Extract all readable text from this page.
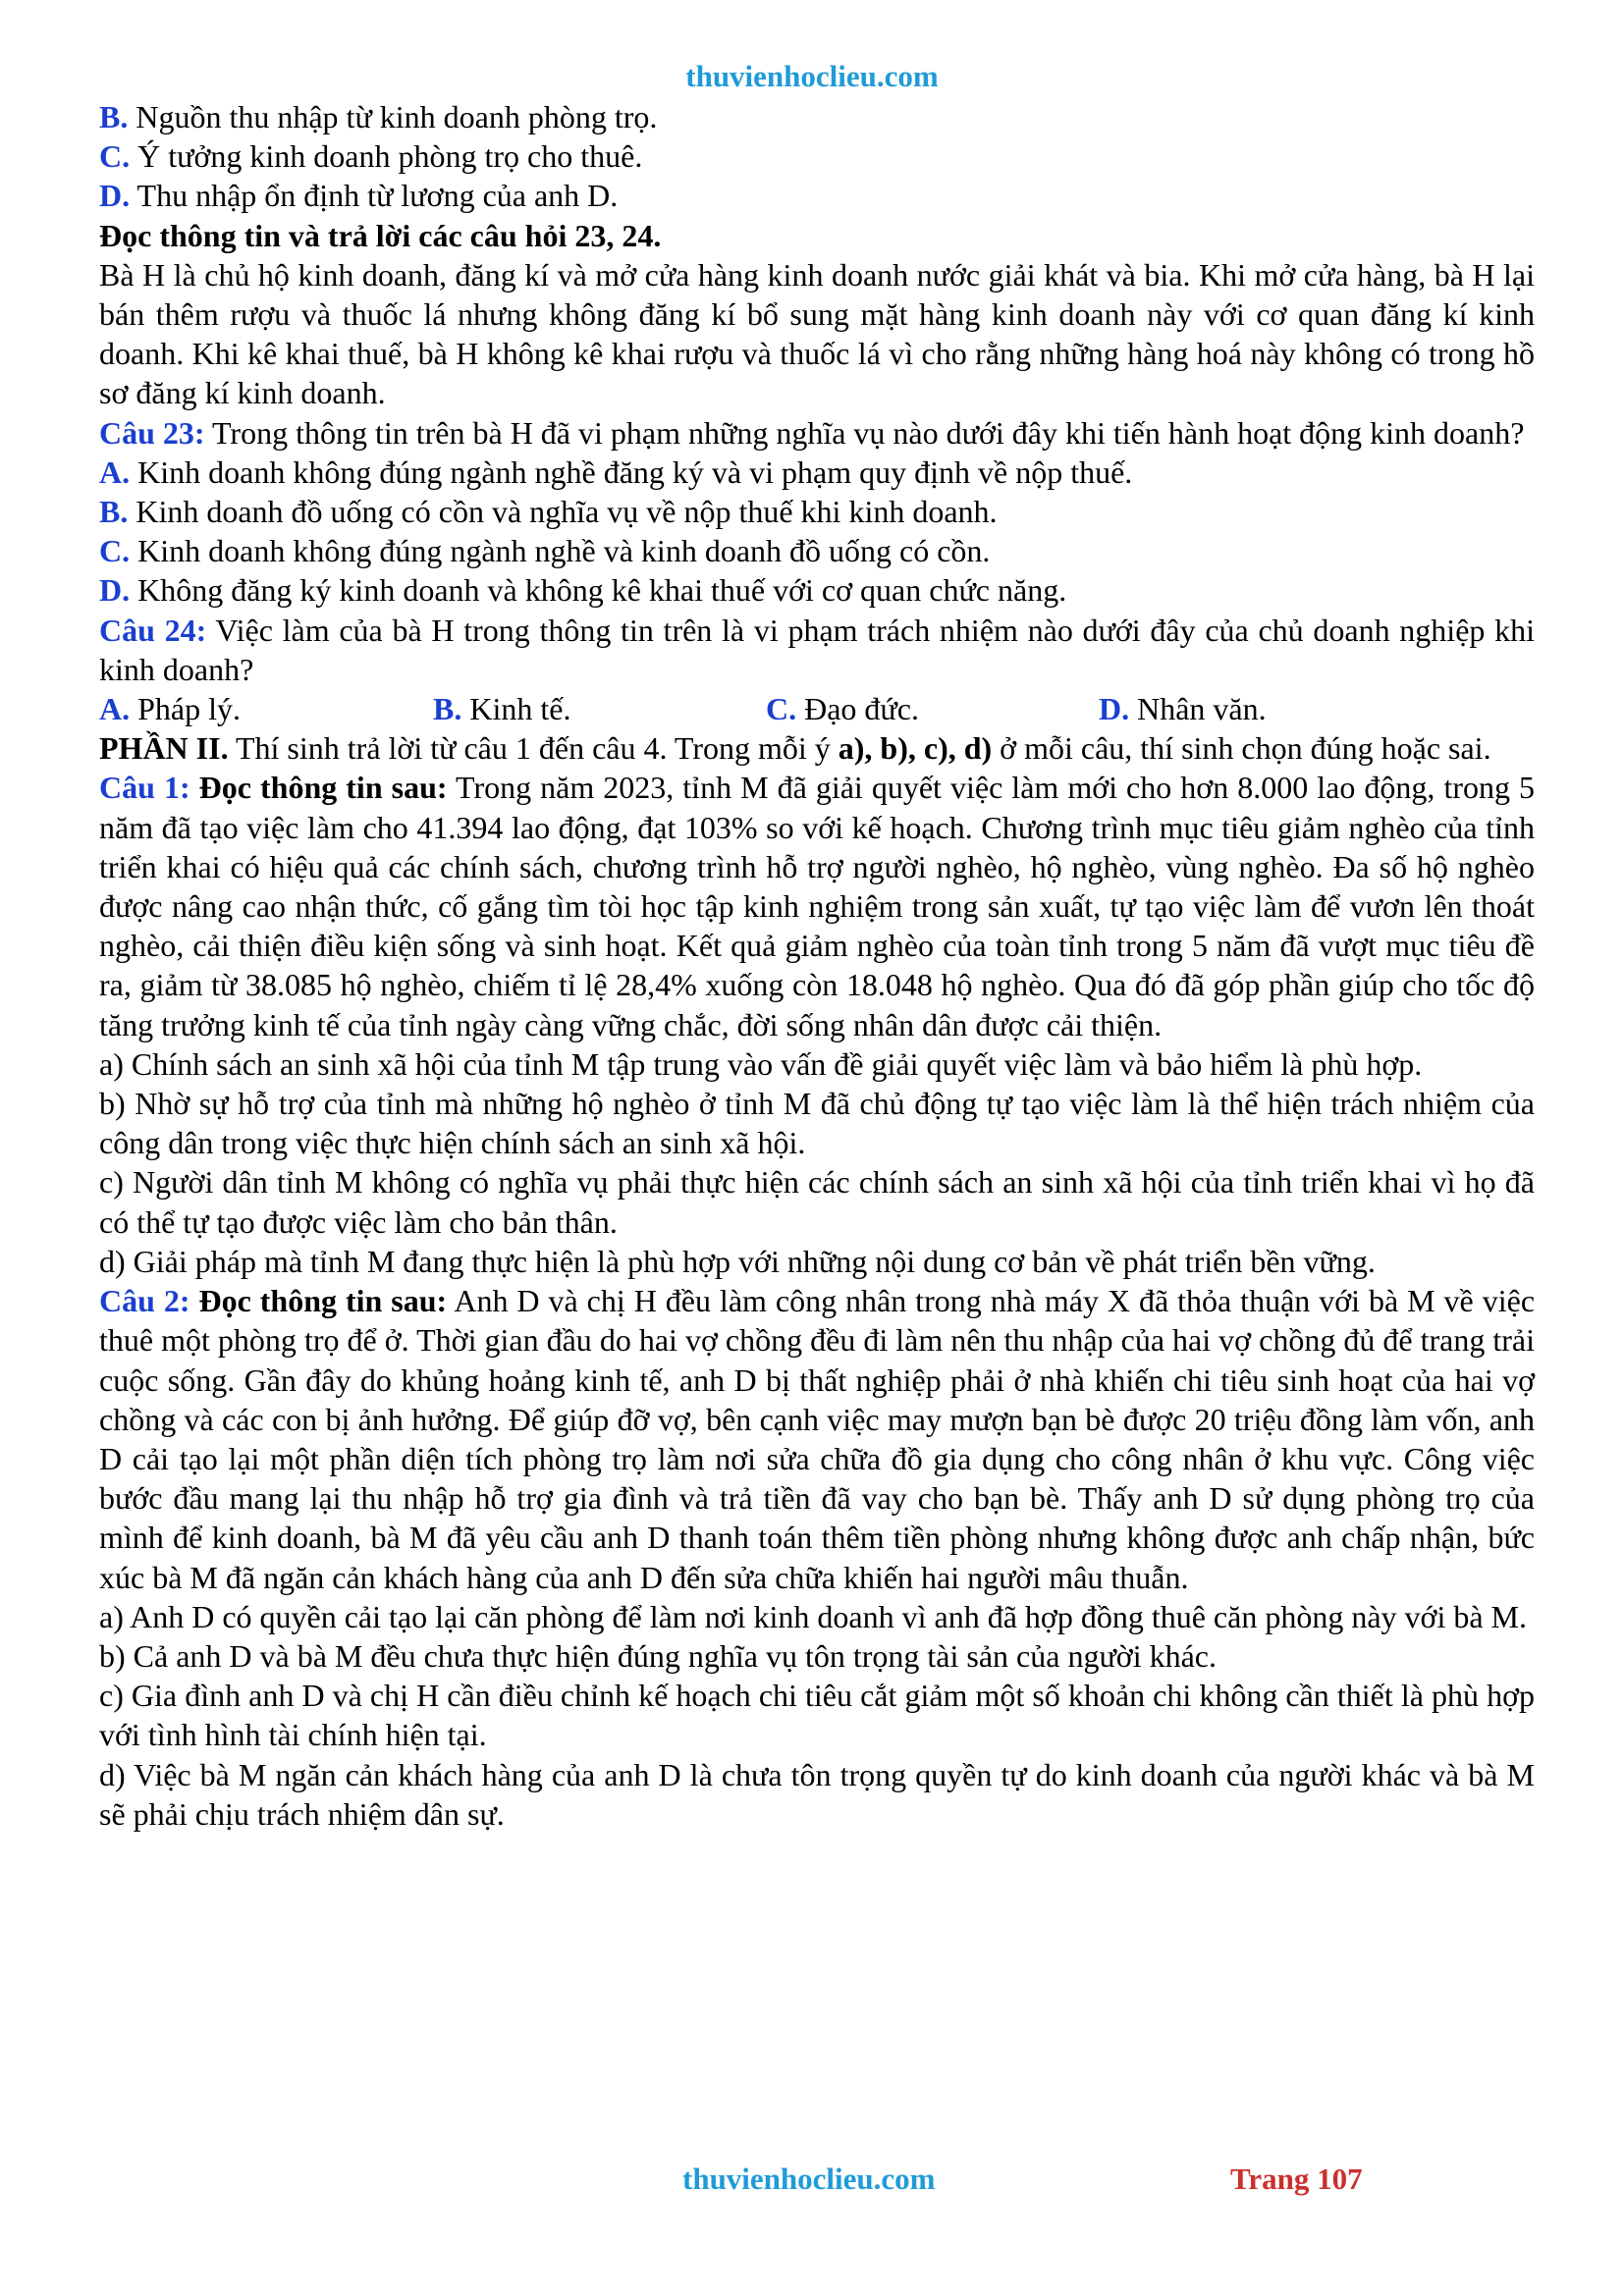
thuvienhoclieu.com

B. Nguồn thu nhập từ kinh doanh phòng trọ.

C. Ý tưởng kinh doanh phòng trọ cho thuê.

D. Thu nhập ổn định từ lương của anh D.

Đọc thông tin và trả lời các câu hỏi 23, 24.

Bà H là chủ hộ kinh doanh, đăng kí và mở cửa hàng kinh doanh nước giải khát và bia. Khi mở cửa hàng, bà H lại bán thêm rượu và thuốc lá nhưng không đăng kí bổ sung mặt hàng kinh doanh này với cơ quan đăng kí kinh doanh. Khi kê khai thuế, bà H không kê khai rượu và thuốc lá vì cho rằng những hàng hoá này không có trong hồ sơ đăng kí kinh doanh.

Câu 23: Trong thông tin trên bà H đã vi phạm những nghĩa vụ nào dưới đây khi tiến hành hoạt động kinh doanh?

A. Kinh doanh không đúng ngành nghề đăng ký và vi phạm quy định về nộp thuế.

B. Kinh doanh đồ uống có cồn và nghĩa vụ về nộp thuế khi kinh doanh.

C. Kinh doanh không đúng ngành nghề và kinh doanh đồ uống có cồn.

D. Không đăng ký kinh doanh và không kê khai thuế với cơ quan chức năng.

Câu 24: Việc làm của bà H trong thông tin trên là vi phạm trách nhiệm nào dưới đây của chủ doanh nghiệp khi kinh doanh?

A. Pháp lý.	B. Kinh tế.	C. Đạo đức.	D. Nhân văn.

PHẦN II. Thí sinh trả lời từ câu 1 đến câu 4. Trong mỗi ý a), b), c), d) ở mỗi câu, thí sinh chọn đúng hoặc sai.

Câu 1: Đọc thông tin sau: Trong năm 2023, tỉnh M đã giải quyết việc làm mới cho hơn 8.000 lao động, trong 5 năm đã tạo việc làm cho 41.394 lao động, đạt 103% so với kế hoạch. Chương trình mục tiêu giảm nghèo của tỉnh triển khai có hiệu quả các chính sách, chương trình hỗ trợ người nghèo, hộ nghèo, vùng nghèo. Đa số hộ nghèo được nâng cao nhận thức, cố gắng tìm tòi học tập kinh nghiệm trong sản xuất, tự tạo việc làm để vươn lên thoát nghèo, cải thiện điều kiện sống và sinh hoạt. Kết quả giảm nghèo của toàn tỉnh trong 5 năm đã vượt mục tiêu đề ra, giảm từ 38.085 hộ nghèo, chiếm tỉ lệ 28,4% xuống còn 18.048 hộ nghèo. Qua đó đã góp phần giúp cho tốc độ tăng trưởng kinh tế của tỉnh ngày càng vững chắc, đời sống nhân dân được cải thiện.

a) Chính sách an sinh xã hội của tỉnh M tập trung vào vấn đề giải quyết việc làm và bảo hiểm là phù hợp.

b) Nhờ sự hỗ trợ của tỉnh mà những hộ nghèo ở tỉnh M đã chủ động tự tạo việc làm là thể hiện trách nhiệm của công dân trong việc thực hiện chính sách an sinh xã hội.

c) Người dân tỉnh M không có nghĩa vụ phải thực hiện các chính sách an sinh xã hội của tỉnh triển khai vì họ đã có thể tự tạo được việc làm cho bản thân.

d) Giải pháp mà tỉnh M đang thực hiện là phù hợp với những nội dung cơ bản về phát triển bền vững.

Câu 2: Đọc thông tin sau: Anh D và chị H đều làm công nhân trong nhà máy X đã thỏa thuận với bà M về việc thuê một phòng trọ để ở. Thời gian đầu do hai vợ chồng đều đi làm nên thu nhập của hai vợ chồng đủ để trang trải cuộc sống. Gần đây do khủng hoảng kinh tế, anh D bị thất nghiệp phải ở nhà khiến chi tiêu sinh hoạt của hai vợ chồng và các con bị ảnh hưởng. Để giúp đỡ vợ, bên cạnh việc may mượn bạn bè được 20 triệu đồng làm vốn, anh D cải tạo lại một phần diện tích phòng trọ làm nơi sửa chữa đồ gia dụng cho công nhân ở khu vực. Công việc bước đầu mang lại thu nhập hỗ trợ gia đình và trả tiền đã vay cho bạn bè. Thấy anh D sử dụng phòng trọ của mình để kinh doanh, bà M đã yêu cầu anh D thanh toán thêm tiền phòng nhưng không được anh chấp nhận, bức xúc bà M đã ngăn cản khách hàng của anh D đến sửa chữa khiến hai người mâu thuẫn.

a) Anh D có quyền cải tạo lại căn phòng để làm nơi kinh doanh vì anh đã hợp đồng thuê căn phòng này với bà M.

b) Cả anh D và bà M đều chưa thực hiện đúng nghĩa vụ tôn trọng tài sản của người khác.

c) Gia đình anh D và chị H cần điều chỉnh kế hoạch chi tiêu cắt giảm một số khoản chi không cần thiết là phù hợp với tình hình tài chính hiện tại.

d) Việc bà M ngăn cản khách hàng của anh D là chưa tôn trọng quyền tự do kinh doanh của người khác và bà M sẽ phải chịu trách nhiệm dân sự.

thuvienhoclieu.com	Trang 107
